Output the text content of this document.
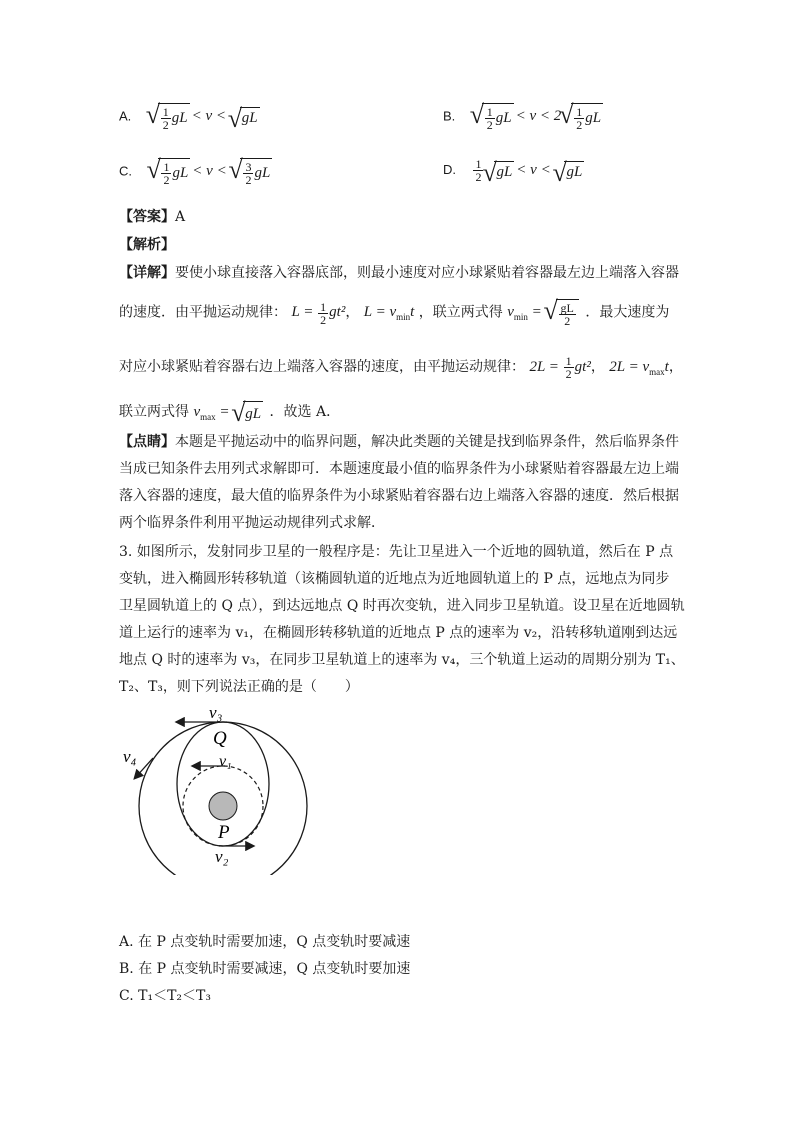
A. √ $\frac{1}{2}$ gL < v < √ gL	B. √ $\frac{1}{2}$ gL < v < 2 √ $\frac{1}{2}$ gL
C. √ $\frac{1}{2}$ gL < v < √ $\frac{3}{2}$ gL	D. $\frac{1}{2}$ √ gL < v < √ gL
【答案】A
【解析】
【详解】要使小球直接落入容器底部，则最小速度对应小球紧贴着容器最左边上端落入容器
的速度．由平抛运动规律： $L = \frac{1}{2} gt^2$， $L = v_{min}t$ ，联立两式得 $v_{min}$ = √ $\frac{gL}{2}$ ．最大速度为
对应小球紧贴着容器右边上端落入容器的速度，由平抛运动规律： $2L = \frac{1}{2} gt^2$， $2L = v_{max}t$，
联立两式得 $v_{max}$ = √ gL ．故选 A．
【点睛】本题是平抛运动中的临界问题，解决此类题的关键是找到临界条件，然后临界条件
当成已知条件去用列式求解即可．本题速度最小值的临界条件为小球紧贴着容器最左边上端
落入容器的速度，最大值的临界条件为小球紧贴着容器右边上端落入容器的速度．然后根据
两个临界条件利用平抛运动规律列式求解．
3. 如图所示，发射同步卫星的一般程序是：先让卫星进入一个近地的圆轨道，然后在 P 点
变轨，进入椭圆形转移轨道（该椭圆轨道的近地点为近地圆轨道上的 P 点，远地点为同步
卫星圆轨道上的 Q 点），到达远地点 Q 时再次变轨，进入同步卫星轨道。设卫星在近地圆轨
道上运行的速率为 v₁，在椭圆形转移轨道的近地点 P 点的速率为 v₂，沿转移轨道刚到达远
地点 Q 时的速率为 v₃，在同步卫星轨道上的速率为 v₄，三个轨道上运动的周期分别为 T₁、
T₂、T₃，则下列说法正确的是（　　）
v₃
Q
v₄	v₁
P
v₂
A. 在 P 点变轨时需要加速，Q 点变轨时要减速
B. 在 P 点变轨时需要减速，Q 点变轨时要加速
C. T₁＜T₂＜T₃
